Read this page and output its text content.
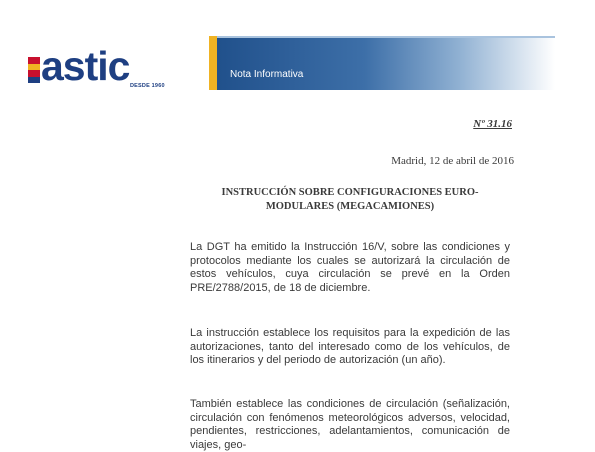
astic DESDE 1960
Nota Informativa
Nº 31.16
Madrid, 12 de abril de 2016
INSTRUCCIÓN SOBRE CONFIGURACIONES EURO-MODULARES (MEGACAMIONES)
La DGT ha emitido la Instrucción 16/V, sobre las condiciones y protocolos mediante los cuales se autorizará la circulación de estos vehículos, cuya circulación se prevé en la Orden PRE/2788/2015, de 18 de diciembre.
La instrucción establece los requisitos para la expedición de las autorizaciones, tanto del interesado como de los vehículos, de los itinerarios y del periodo de autorización (un año).
También establece las condiciones de circulación (señalización, circulación con fenómenos meteorológicos adversos, velocidad, pendientes, restricciones, adelantamientos, comunicación de viajes, geo-
